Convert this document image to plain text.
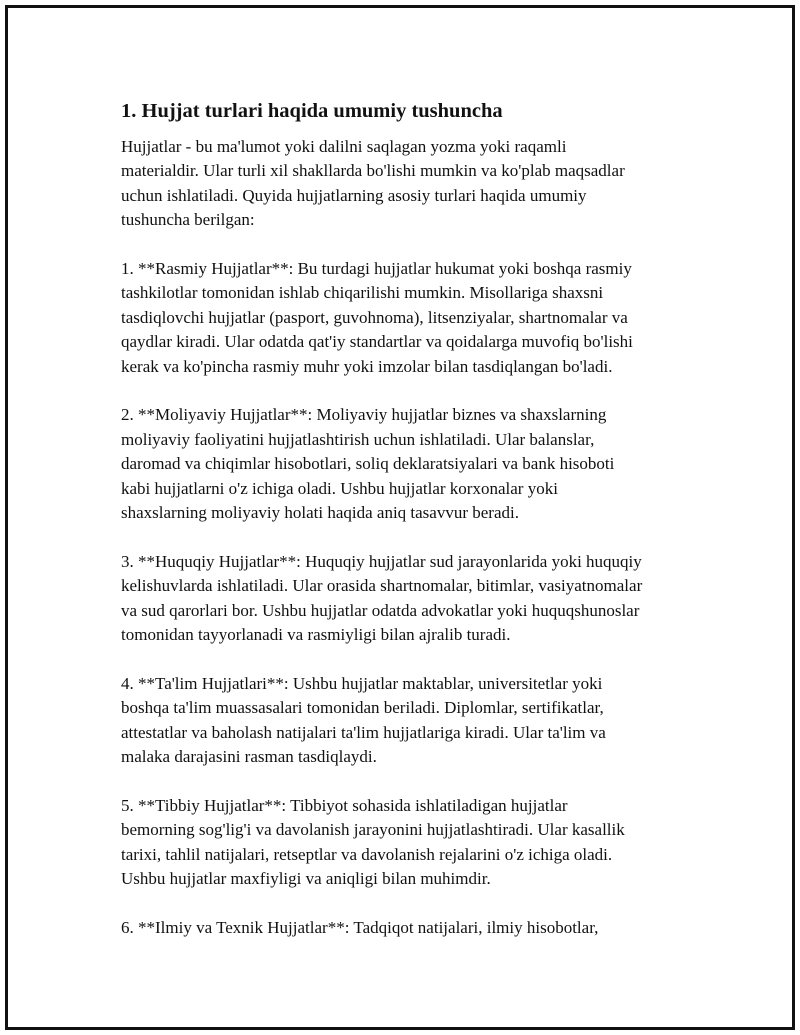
1. Hujjat turlari haqida umumiy tushuncha

Hujjatlar - bu ma'lumot yoki dalilni saqlagan yozma yoki raqamli
materialdir. Ular turli xil shakllarda bo'lishi mumkin va ko'plab maqsadlar
uchun ishlatiladi. Quyida hujjatlarning asosiy turlari haqida umumiy
tushuncha berilgan:

1. **Rasmiy Hujjatlar**: Bu turdagi hujjatlar hukumat yoki boshqa rasmiy
tashkilotlar tomonidan ishlab chiqarilishi mumkin. Misollariga shaxsni
tasdiqlovchi hujjatlar (pasport, guvohnoma), litsenziyalar, shartnomalar va
qaydlar kiradi. Ular odatda qat'iy standartlar va qoidalarga muvofiq bo'lishi
kerak va ko'pincha rasmiy muhr yoki imzolar bilan tasdiqlangan bo'ladi.

2. **Moliyaviy Hujjatlar**: Moliyaviy hujjatlar biznes va shaxslarning
moliyaviy faoliyatini hujjatlashtirish uchun ishlatiladi. Ular balanslar,
daromad va chiqimlar hisobotlari, soliq deklaratsiyalari va bank hisoboti
kabi hujjatlarni o'z ichiga oladi. Ushbu hujjatlar korxonalar yoki
shaxslarning moliyaviy holati haqida aniq tasavvur beradi.

3. **Huquqiy Hujjatlar**: Huquqiy hujjatlar sud jarayonlarida yoki huquqiy
kelishuvlarda ishlatiladi. Ular orasida shartnomalar, bitimlar, vasiyatnomalar
va sud qarorlari bor. Ushbu hujjatlar odatda advokatlar yoki huquqshunoslar
tomonidan tayyorlanadi va rasmiyligi bilan ajralib turadi.

4. **Ta'lim Hujjatlari**: Ushbu hujjatlar maktablar, universitetlar yoki
boshqa ta'lim muassasalari tomonidan beriladi. Diplomlar, sertifikatlar,
attestatlar va baholash natijalari ta'lim hujjatlariga kiradi. Ular ta'lim va
malaka darajasini rasman tasdiqlaydi.

5. **Tibbiy Hujjatlar**: Tibbiyot sohasida ishlatiladigan hujjatlar
bemorning sog'lig'i va davolanish jarayonini hujjatlashtiradi. Ular kasallik
tarixi, tahlil natijalari, retseptlar va davolanish rejalarini o'z ichiga oladi.
Ushbu hujjatlar maxfiyligi va aniqligi bilan muhimdir.

6. **Ilmiy va Texnik Hujjatlar**: Tadqiqot natijalari, ilmiy hisobotlar,
